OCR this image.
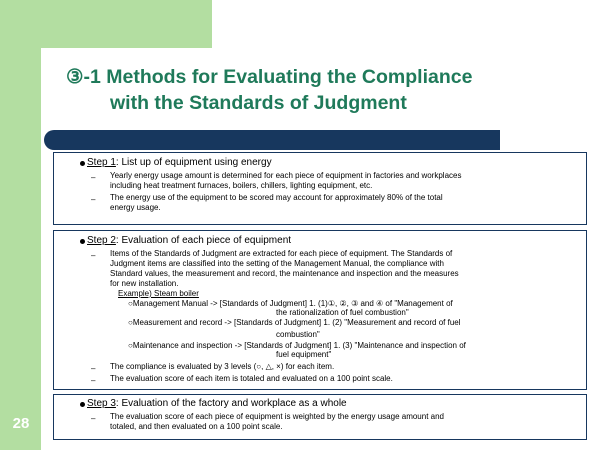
28
③-1 Methods for Evaluating the Compliance
with the Standards of Judgment
Step 1: List up of equipment using energy
– Yearly energy usage amount is determined for each piece of equipment in factories and workplaces
including heat treatment furnaces, boilers, chillers, lighting equipment, etc.
– The energy use of the equipment to be scored may account for approximately 80% of the total
energy usage.
Step 2: Evaluation of each piece of equipment
– Items of the Standards of Judgment are extracted for each piece of equipment. The Standards of
Judgment items are classified into the setting of the Management Manual, the compliance with
Standard values, the measurement and record, the maintenance and inspection and the measures
for new installation.
Example) Steam boiler
○Management Manual -> [Standards of Judgment] 1. (1)①, ②, ③ and ④ of "Management of
the rationalization of fuel combustion"
○Measurement and record -> [Standards of Judgment] 1. (2) "Measurement and record of fuel
combustion"
○Maintenance and inspection -> [Standards of Judgment] 1. (3) "Maintenance and inspection of
fuel equipment"
– The compliance is evaluated by 3 levels (○, △, ×) for each item.
– The evaluation score of each item is totaled and evaluated on a 100 point scale.
Step 3: Evaluation of the factory and workplace as a whole
– The evaluation score of each piece of equipment is weighted by the energy usage amount and
totaled, and then evaluated on a 100 point scale.
